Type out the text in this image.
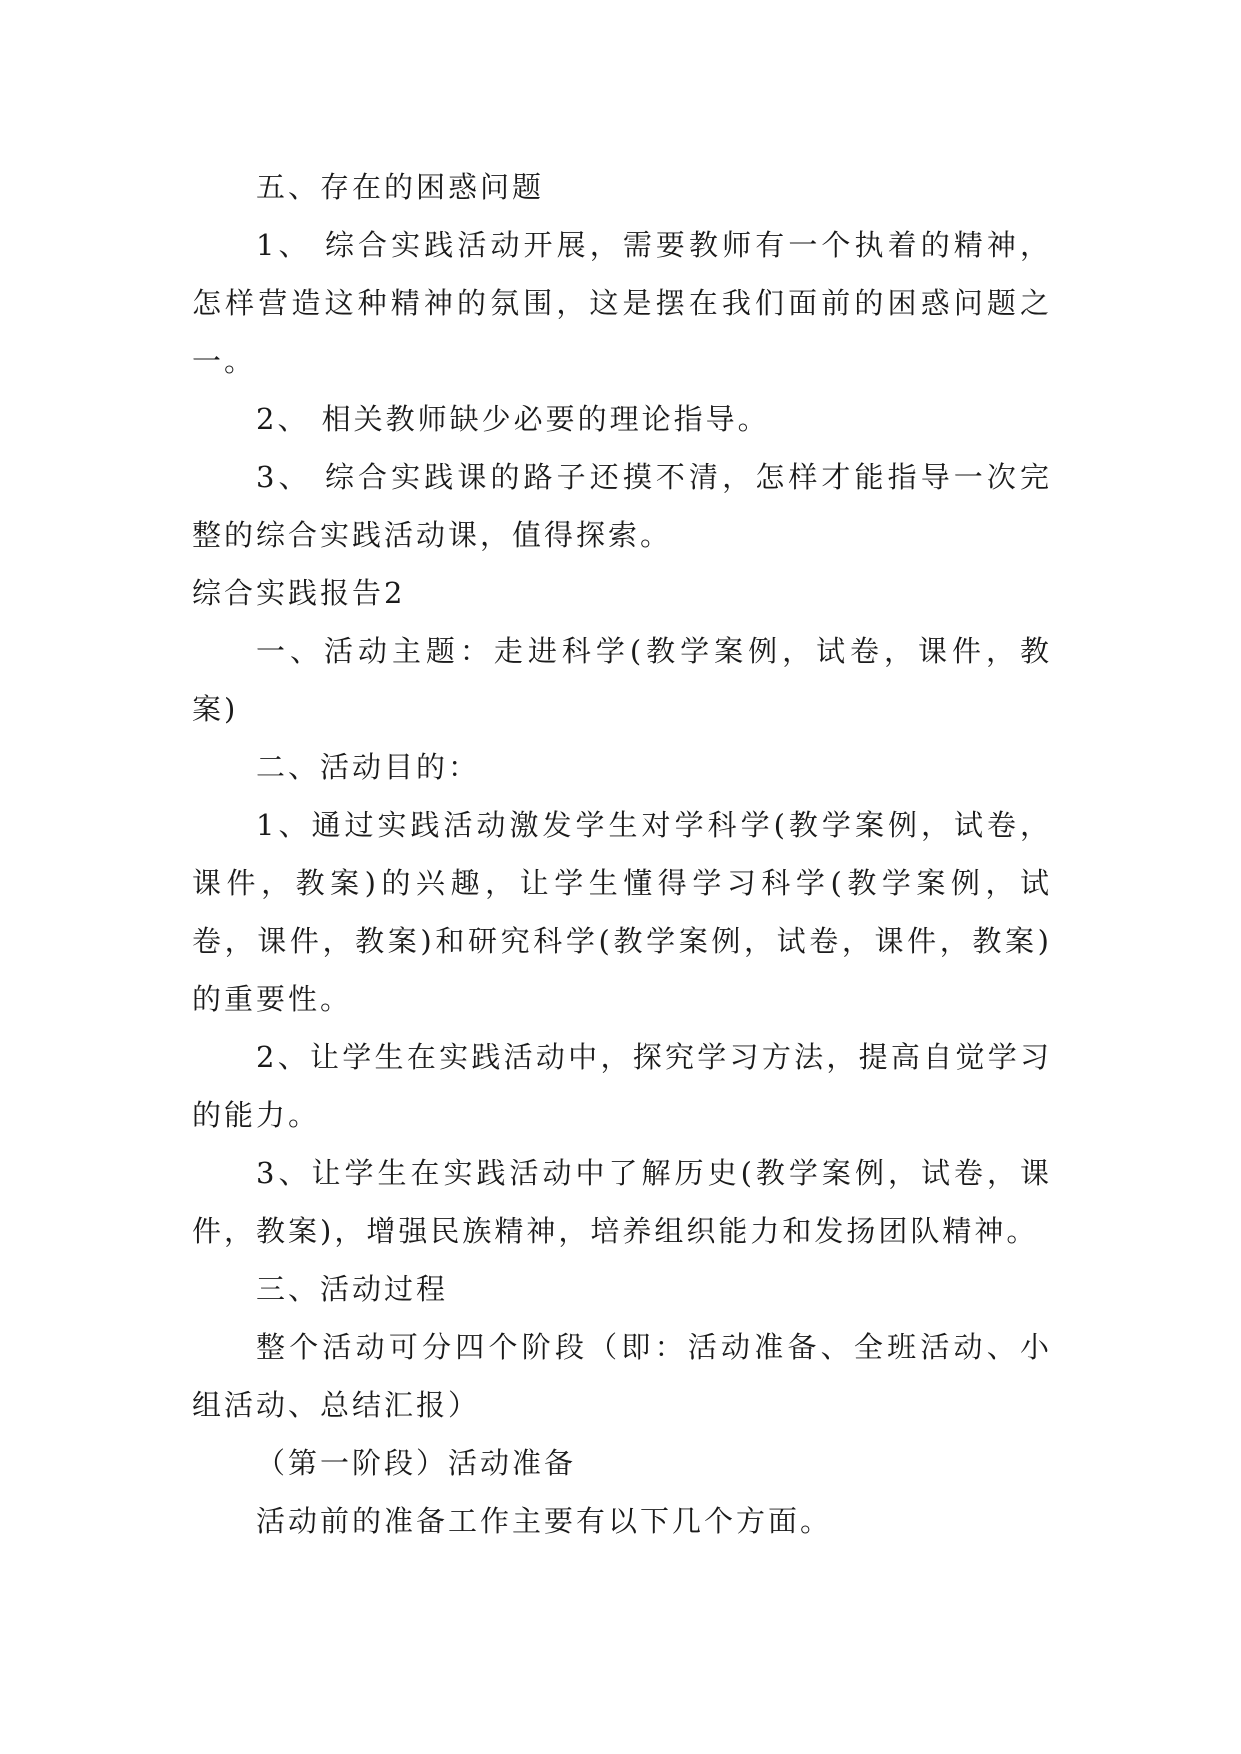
五、存在的困惑问题

1、 综合实践活动开展，需要教师有一个执着的精神，怎样营造这种精神的氛围，这是摆在我们面前的困惑问题之一。

2、 相关教师缺少必要的理论指导。

3、 综合实践课的路子还摸不清，怎样才能指导一次完整的综合实践活动课，值得探索。

综合实践报告2

一、活动主题：走进科学(教学案例，试卷，课件，教案)

二、活动目的：

1、通过实践活动激发学生对学科学(教学案例，试卷，课件，教案)的兴趣，让学生懂得学习科学(教学案例，试卷，课件，教案)和研究科学(教学案例，试卷，课件，教案)的重要性。

2、让学生在实践活动中，探究学习方法，提高自觉学习的能力。

3、让学生在实践活动中了解历史(教学案例，试卷，课件，教案)，增强民族精神，培养组织能力和发扬团队精神。

三、活动过程

整个活动可分四个阶段（即：活动准备、全班活动、小组活动、总结汇报）

（第一阶段）活动准备

活动前的准备工作主要有以下几个方面。
